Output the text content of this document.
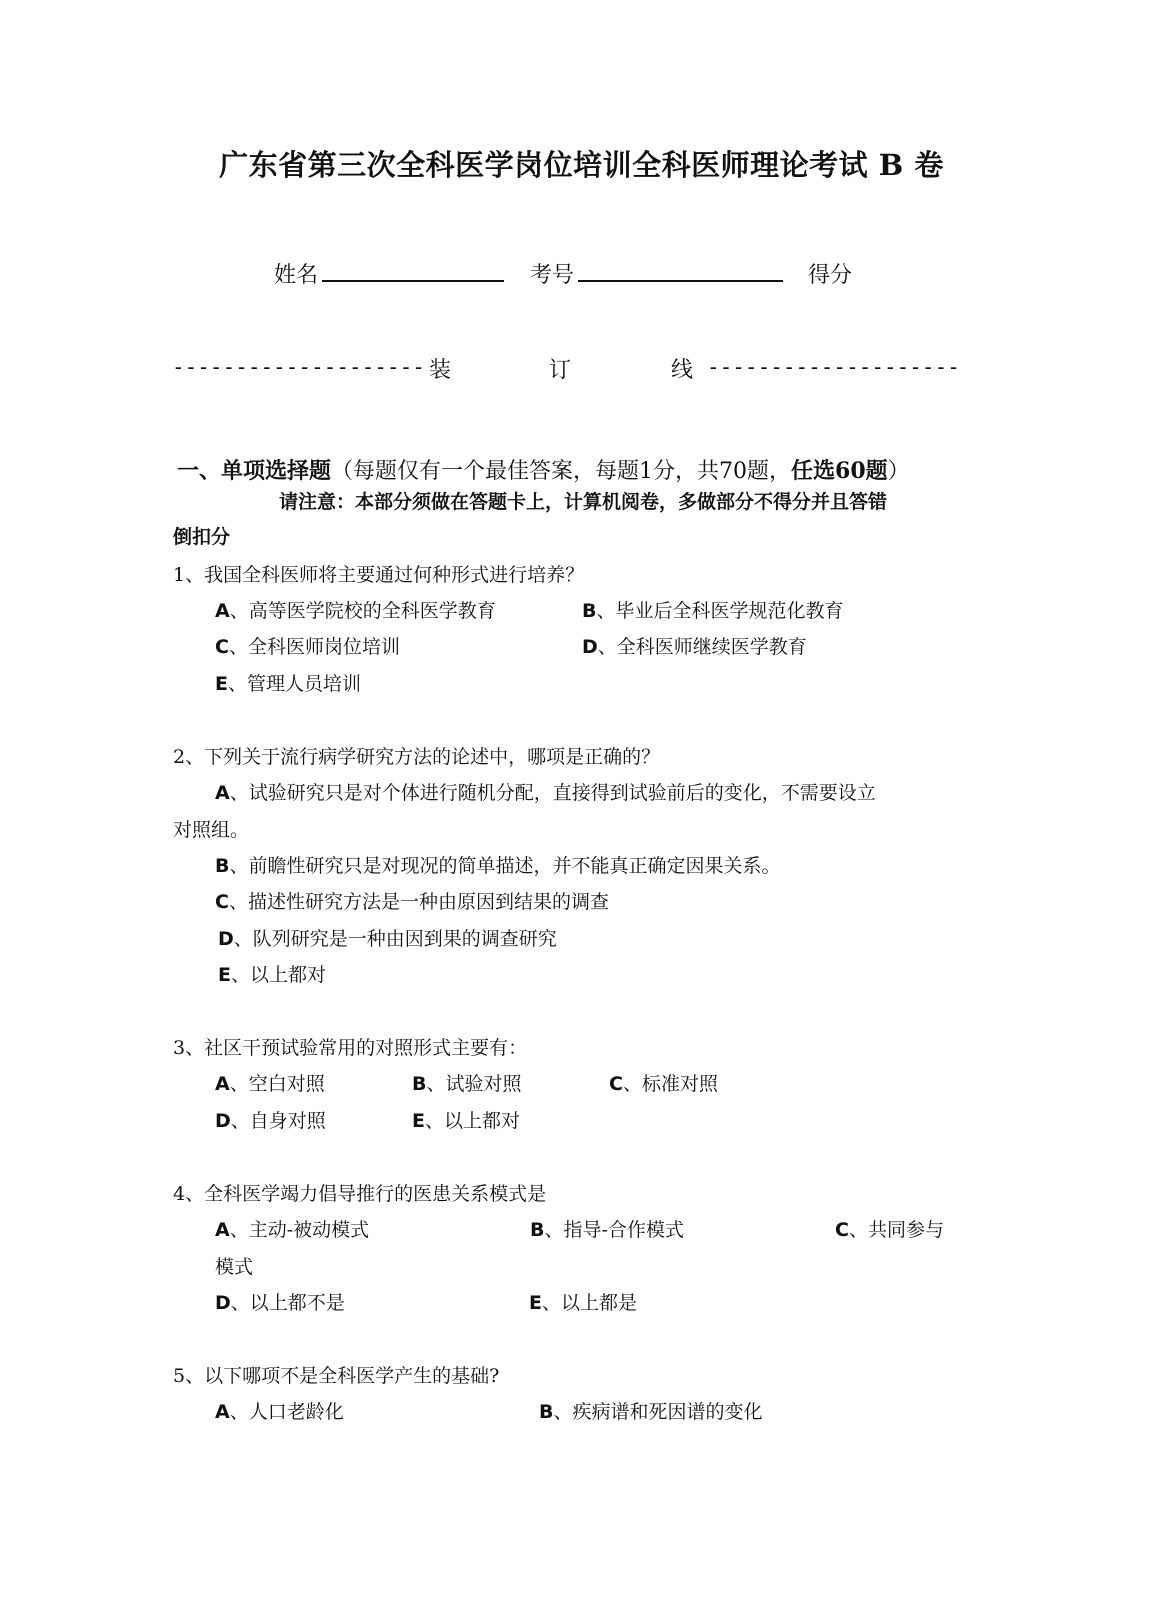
广东省第三次全科医学岗位培训全科医师理论考试 B 卷
姓名	考号	得分
-------------------- 装	订	线 --------------------
一、单项选择题（每题仅有一个最佳答案，每题1分，共70题，任选60题）
请注意：本部分须做在答题卡上，计算机阅卷，多做部分不得分并且答错
倒扣分
1、我国全科医师将主要通过何种形式进行培养？
A、高等医学院校的全科医学教育	B、毕业后全科医学规范化教育
C、全科医师岗位培训	D、全科医师继续医学教育
E、管理人员培训
2、下列关于流行病学研究方法的论述中，哪项是正确的？
A、试验研究只是对个体进行随机分配，直接得到试验前后的变化，不需要设立
对照组。
B、前瞻性研究只是对现况的简单描述，并不能真正确定因果关系。
C、描述性研究方法是一种由原因到结果的调查
D、队列研究是一种由因到果的调查研究
E、以上都对
3、社区干预试验常用的对照形式主要有：
A、空白对照	B、试验对照	C、标准对照
D、自身对照	E、以上都对
4、全科医学竭力倡导推行的医患关系模式是
A、主动-被动模式	B、指导-合作模式	C、共同参与
模式
D、以上都不是	E、以上都是
5、以下哪项不是全科医学产生的基础?
A、人口老龄化	B、疾病谱和死因谱的变化
